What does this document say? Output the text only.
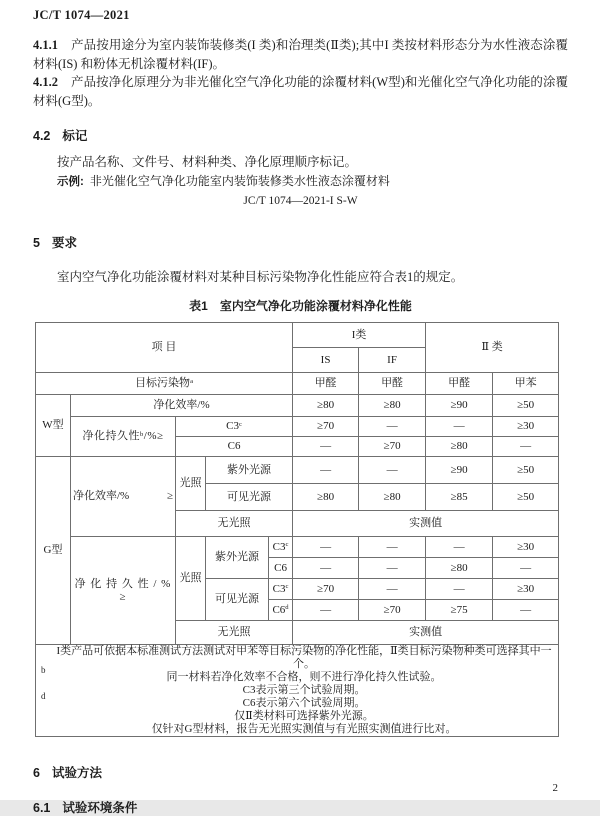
JC/T 1074—2021

4.1.1 产品按用途分为室内装饰装修类(I 类)和治理类(Ⅱ类);其中I 类按材料形态分为水性液态涂覆材料(IS) 和粉体无机涂覆材料(IF)。

4.1.2 产品按净化原理分为非光催化空气净化功能的涂覆材料(W型)和光催化空气净化功能的涂覆材料(G型)。

4.2 标记

按产品名称、文件号、材料种类、净化原理顺序标记。

示例: 非光催化空气净化功能室内装饰装修类水性液态涂覆材料

JC/T 1074—2021-I S-W

5 要求

室内空气净化功能涂覆材料对某种目标污染物净化性能应符合表1的规定。

表1　室内空气净化功能涂覆材料净化性能

项 目					I类		Ⅱ 类	
					IS	IF		
目标污染物$^a$					甲醛	甲醛	甲醛	甲苯
W型	净化效率/%				≥80	≥80	≥90	≥50
	净化持久性$^b$/%≥	$C3^c$			≥70	—	—	≥30
		C6			—	≥70	≥80	—
G型	净化效率/% ≥	光照	紫外光源		—	—	≥90	≥50
			可见光源		≥80	≥80	≥85	≥50
		无光照			实测值			
	净 化 持 久 性 / % ≥	光照	紫外光源	C3$^c$	—	—	—	≥30
				C6	—	—	≥80	—
			可见光源	$C3^c$	≥70	—	—	≥30
				C6$^d$	—	≥70	≥75	—
		无光照			实测值			

I类产品可依据本标准测试方法测试对甲苯等目标污染物的净化性能，Ⅱ类目标污染物种类可选择其中一个。
b
同一材料若净化效率不合格，则不进行净化持久性试验。
C3表示第三个试验周期。
d
C6表示第六个试验周期。
仅Ⅱ类材料可选择紫外光源。
仅针对G型材料，报告无光照实测值与有光照实测值进行比对。

6 试验方法

6.1 试验环境条件

2
